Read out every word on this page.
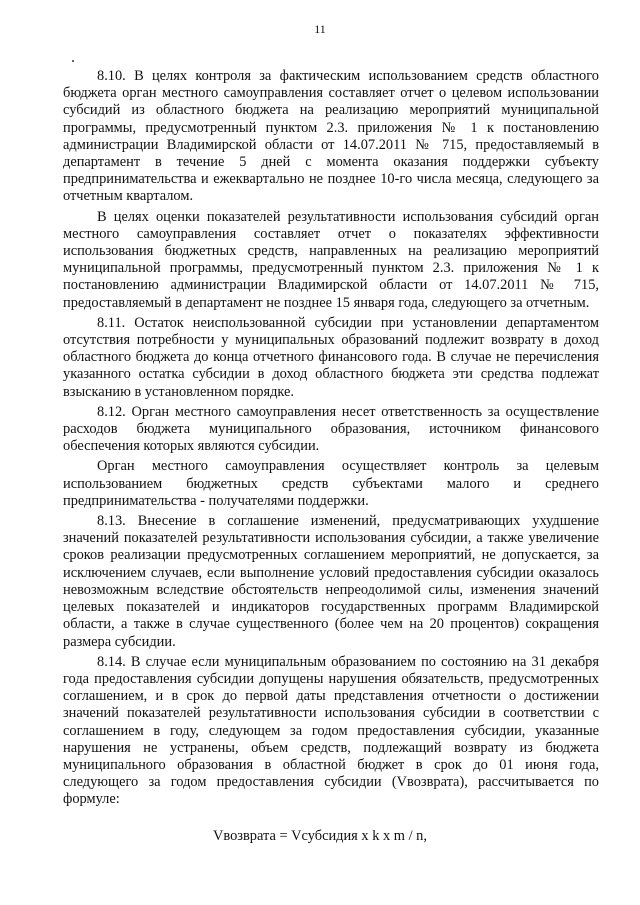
11

8.10. В целях контроля за фактическим использованием средств областного бюджета орган местного самоуправления составляет отчет о целевом использовании субсидий из областного бюджета на реализацию мероприятий муниципальной программы, предусмотренный пунктом 2.3. приложения № 1 к постановлению администрации Владимирской области от 14.07.2011 № 715, предоставляемый в департамент в течение 5 дней с момента оказания поддержки субъекту предпринимательства и ежеквартально не позднее 10-го числа месяца, следующего за отчетным кварталом.

В целях оценки показателей результативности использования субсидий орган местного самоуправления составляет отчет о показателях эффективности использования бюджетных средств, направленных на реализацию мероприятий муниципальной программы, предусмотренный пунктом 2.3. приложения № 1 к постановлению администрации Владимирской области от 14.07.2011 № 715, предоставляемый в департамент не позднее 15 января года, следующего за отчетным.

8.11. Остаток неиспользованной субсидии при установлении департаментом отсутствия потребности у муниципальных образований подлежит возврату в доход областного бюджета до конца отчетного финансового года. В случае не перечисления указанного остатка субсидии в доход областного бюджета эти средства подлежат взысканию в установленном порядке.

8.12. Орган местного самоуправления несет ответственность за осуществление расходов бюджета муниципального образования, источником финансового обеспечения которых являются субсидии.

Орган местного самоуправления осуществляет контроль за целевым использованием бюджетных средств субъектами малого и среднего предпринимательства - получателями поддержки.

8.13. Внесение в соглашение изменений, предусматривающих ухудшение значений показателей результативности использования субсидии, а также увеличение сроков реализации предусмотренных соглашением мероприятий, не допускается, за исключением случаев, если выполнение условий предоставления субсидии оказалось невозможным вследствие обстоятельств непреодолимой силы, изменения значений целевых показателей и индикаторов государственных программ Владимирской области, а также в случае существенного (более чем на 20 процентов) сокращения размера субсидии.

8.14. В случае если муниципальным образованием по состоянию на 31 декабря года предоставления субсидии допущены нарушения обязательств, предусмотренных соглашением, и в срок до первой даты представления отчетности о достижении значений показателей результативности использования субсидии в соответствии с соглашением в году, следующем за годом предоставления субсидии, указанные нарушения не устранены, объем средств, подлежащий возврату из бюджета муниципального образования в областной бюджет в срок до 01 июня года, следующего за годом предоставления субсидии (Vвозврата), рассчитывается по формуле:

Vвозврата = Vсубсидия x k x m / n,
